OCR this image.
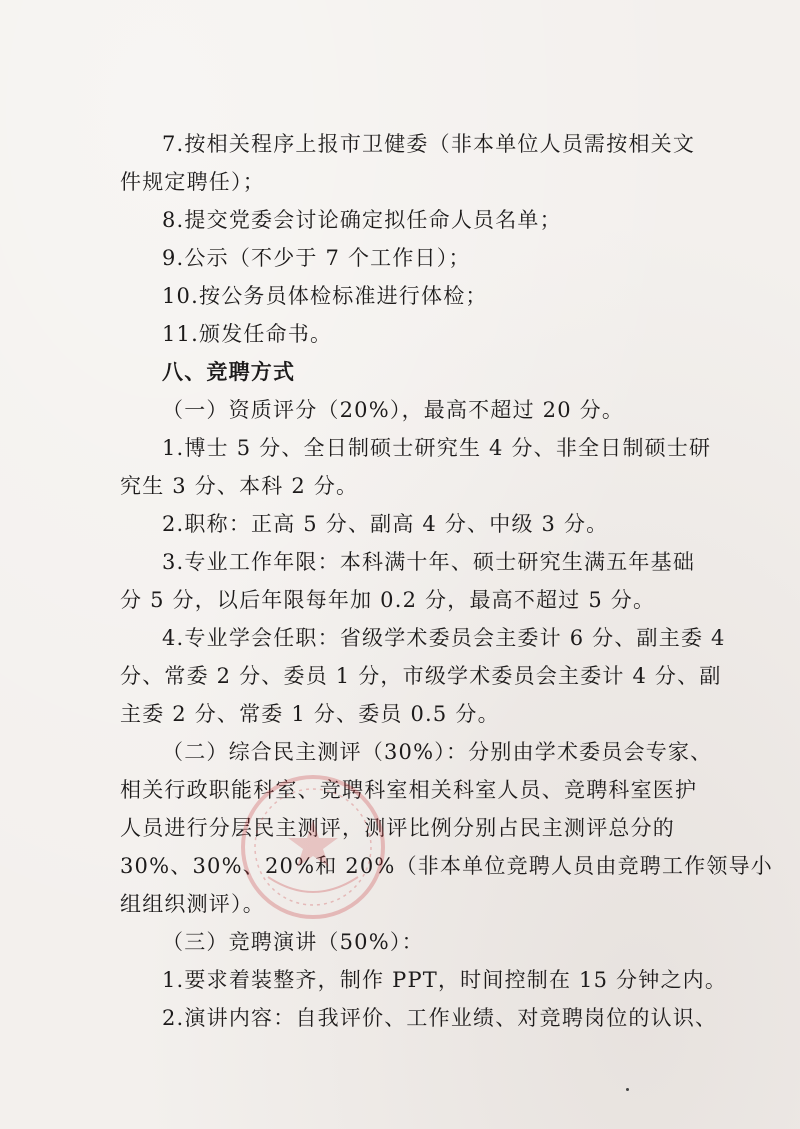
7.按相关程序上报市卫健委（非本单位人员需按相关文
件规定聘任）；
8.提交党委会讨论确定拟任命人员名单；
9.公示（不少于 7 个工作日）；
10.按公务员体检标准进行体检；
11.颁发任命书。
八、竞聘方式
（一）资质评分（20%），最高不超过 20 分。
1.博士 5 分、全日制硕士研究生 4 分、非全日制硕士研
究生 3 分、本科 2 分。
2.职称：正高 5 分、副高 4 分、中级 3 分。
3.专业工作年限：本科满十年、硕士研究生满五年基础
分 5 分，以后年限每年加 0.2 分，最高不超过 5 分。
4.专业学会任职：省级学术委员会主委计 6 分、副主委 4
分、常委 2 分、委员 1 分，市级学术委员会主委计 4 分、副
主委 2 分、常委 1 分、委员 0.5 分。
（二）综合民主测评（30%）：分别由学术委员会专家、
相关行政职能科室、竞聘科室相关科室人员、竞聘科室医护
人员进行分层民主测评，测评比例分别占民主测评总分的
30%、30%、20%和 20%（非本单位竞聘人员由竞聘工作领导小
组组织测评）。
（三）竞聘演讲（50%）：
1.要求着装整齐，制作 PPT，时间控制在 15 分钟之内。
2.演讲内容：自我评价、工作业绩、对竞聘岗位的认识、
